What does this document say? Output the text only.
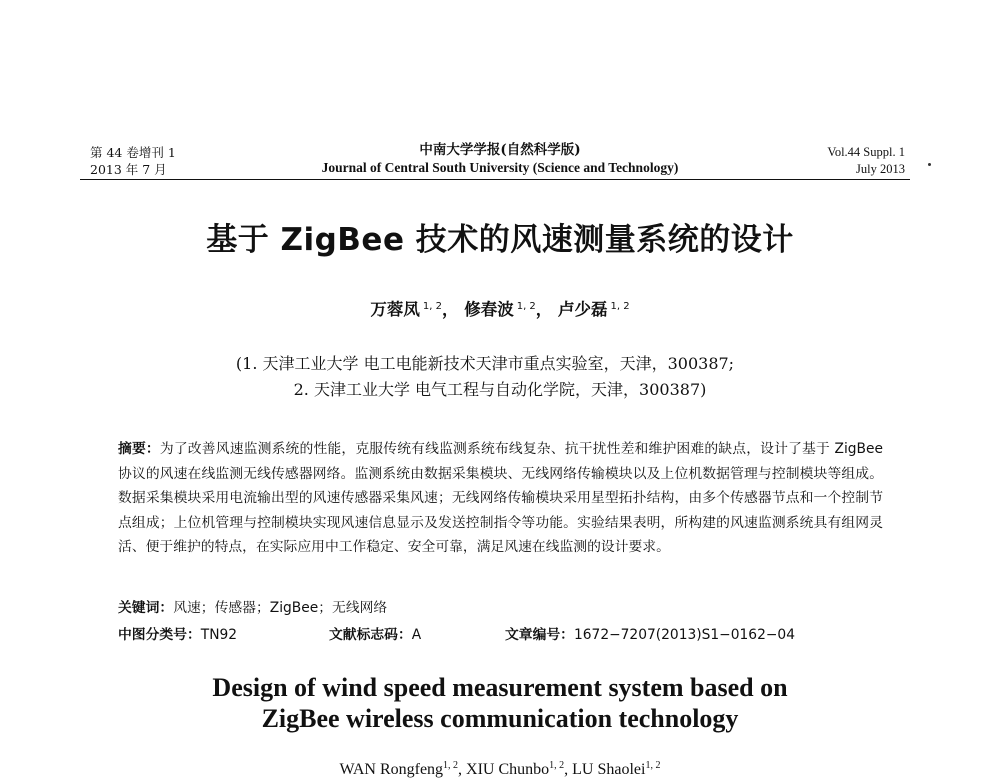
第 44 卷增刊 1
2013 年 7 月
中南大学学报(自然科学版)
Journal of Central South University (Science and Technology)
Vol.44 Suppl. 1
July 2013
基于 ZigBee 技术的风速测量系统的设计
万蓉凤 $^{1, 2}$， 修春波 $^{1, 2}$， 卢少磊 $^{1, 2}$
(1. 天津工业大学 电工电能新技术天津市重点实验室，天津，300387;
2. 天津工业大学 电气工程与自动化学院，天津，300387)
摘要：为了改善风速监测系统的性能，克服传统有线监测系统布线复杂、抗干扰性差和维护困难的缺点，设计了基于 ZigBee 协议的风速在线监测无线传感器网络。监测系统由数据采集模块、无线网络传输模块以及上位机数据管理与控制模块等组成。数据采集模块采用电流输出型的风速传感器采集风速；无线网络传输模块采用星型拓扑结构，由多个传感器节点和一个控制节点组成；上位机管理与控制模块实现风速信息显示及发送控制指令等功能。实验结果表明，所构建的风速监测系统具有组网灵活、便于维护的特点，在实际应用中工作稳定、安全可靠，满足风速在线监测的设计要求。
关键词：风速；传感器；ZigBee；无线网络
中图分类号：TN92	文献标志码：A	文章编号：1672−7207(2013)S1−0162−04
Design of wind speed measurement system based on
ZigBee wireless communication technology
WAN Rongfeng$^{1, 2}$, XIU Chunbo$^{1, 2}$, LU Shaolei$^{1, 2}$
